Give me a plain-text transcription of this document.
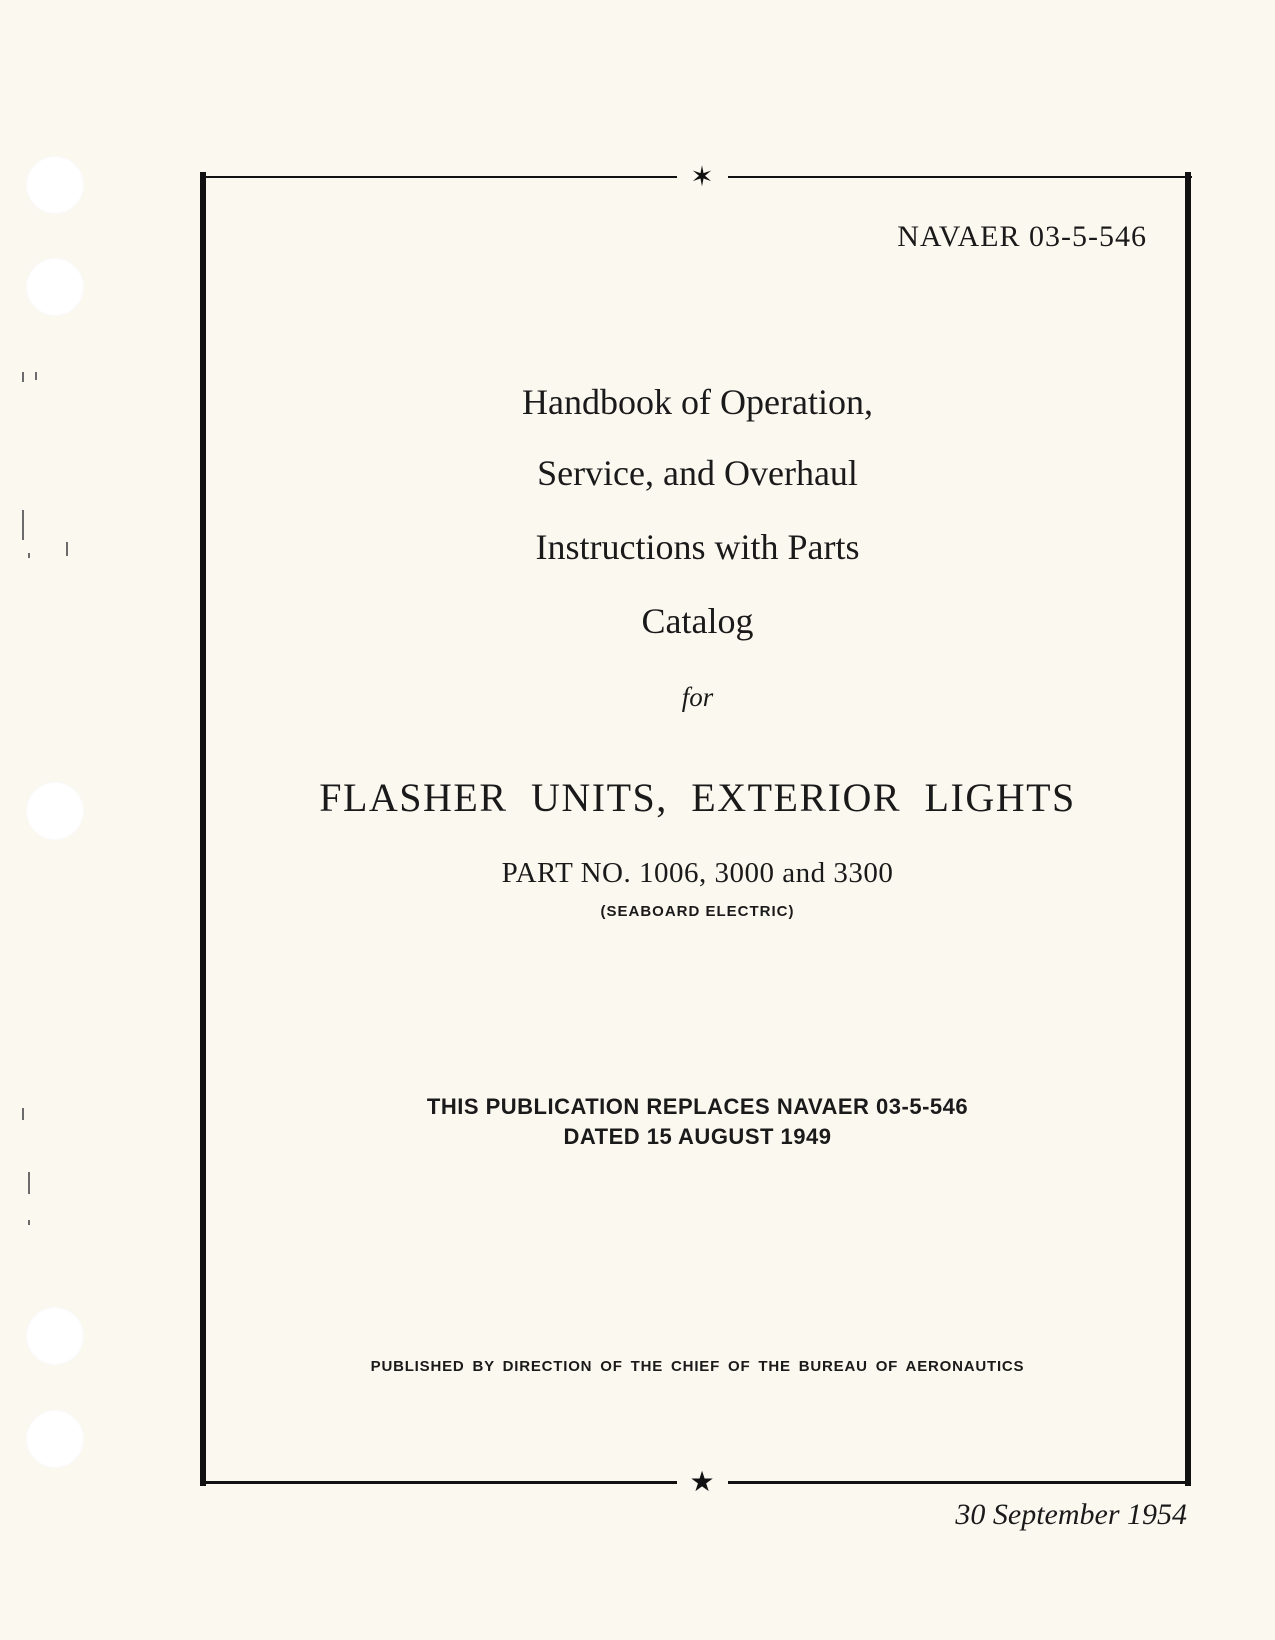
✶
★
NAVAER 03-5-546
Handbook of Operation,
Service, and Overhaul
Instructions with Parts
Catalog
for
FLASHER UNITS, EXTERIOR LIGHTS
PART NO. 1006, 3000 and 3300
(SEABOARD ELECTRIC)
THIS PUBLICATION REPLACES NAVAER 03-5-546
DATED 15 AUGUST 1949
PUBLISHED BY DIRECTION OF THE CHIEF OF THE BUREAU OF AERONAUTICS
30 September 1954
